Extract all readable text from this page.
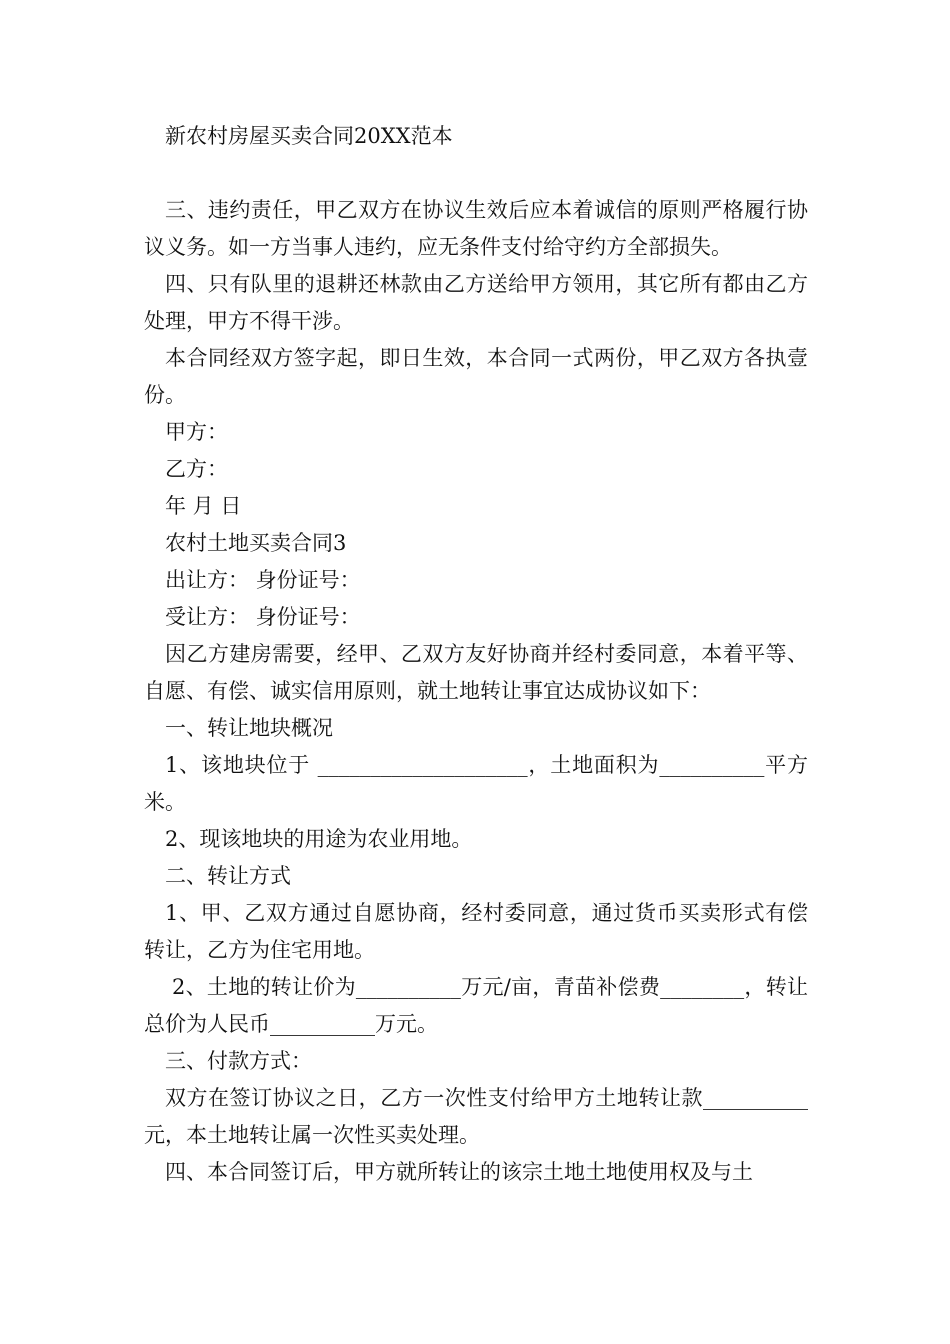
新农村房屋买卖合同20XX范本

三、违约责任，甲乙双方在协议生效后应本着诚信的原则严格履行协议义务。如一方当事人违约，应无条件支付给守约方全部损失。

四、只有队里的退耕还林款由乙方送给甲方领用，其它所有都由乙方处理，甲方不得干涉。

本合同经双方签字起，即日生效，本合同一式两份，甲乙双方各执壹份。

甲方：

乙方：

年 月 日

农村土地买卖合同3

出让方： 身份证号：

受让方： 身份证号：

因乙方建房需要，经甲、乙双方友好协商并经村委同意，本着平等、自愿、有偿、诚实信用原则，就土地转让事宜达成协议如下：

一、转让地块概况

1、该地块位于 ____________________，土地面积为__________平方米。

2、现该地块的用途为农业用地。

二、转让方式

1、甲、乙双方通过自愿协商，经村委同意，通过货币买卖形式有偿转让，乙方为住宅用地。

2、土地的转让价为__________万元/亩，青苗补偿费________，转让总价为人民币__________万元。

三、付款方式：

双方在签订协议之日，乙方一次性支付给甲方土地转让款__________元，本土地转让属一次性买卖处理。

四、本合同签订后，甲方就所转让的该宗土地土地使用权及与土
